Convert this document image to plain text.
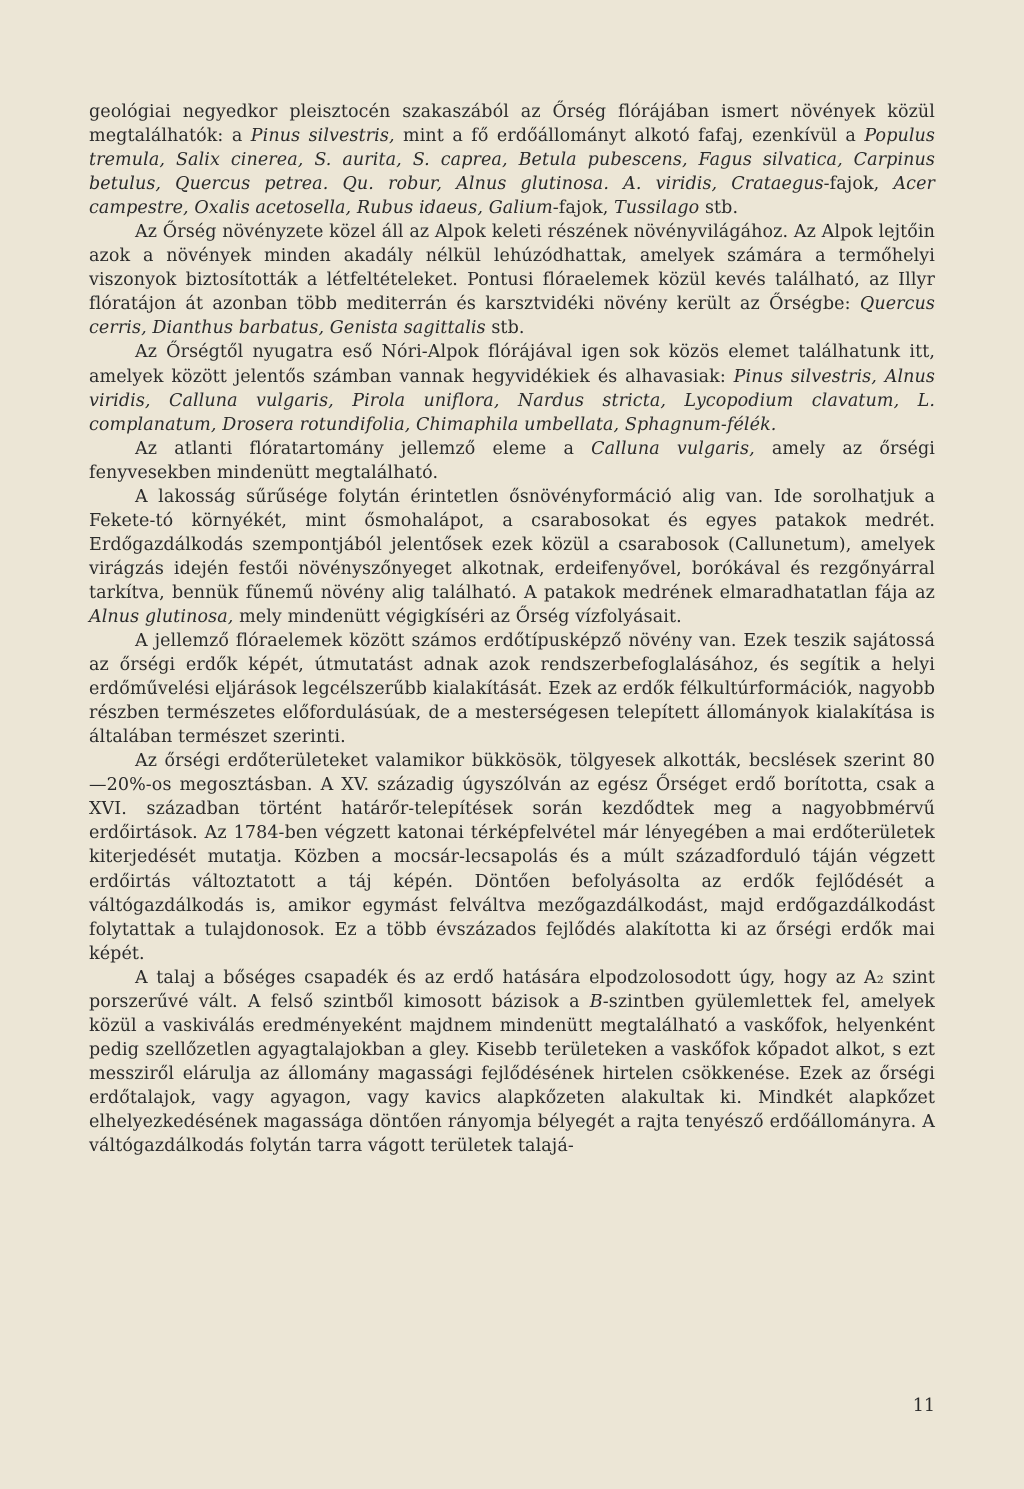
geológiai negyedkor pleisztocén szakaszából az Őrség flórájában ismert növények közül megtalálhatók: a Pinus silvestris, mint a fő erdőállományt alkotó fafaj, ezenkívül a Populus tremula, Salix cinerea, S. aurita, S. caprea, Betula pubescens, Fagus silvatica, Carpinus betulus, Quercus petrea. Qu. robur, Alnus glutinosa. A. viridis, Crataegus-fajok, Acer campestre, Oxalis acetosella, Rubus idaeus, Galium-fajok, Tussilago stb.

Az Őrség növényzete közel áll az Alpok keleti részének növényvilágához. Az Alpok lejtőin azok a növények minden akadály nélkül lehúzódhattak, amelyek számára a termőhelyi viszonyok biztosították a létfeltételeket. Pontusi flóraelemek közül kevés található, az Illyr flóratájon át azonban több mediterrán és karsztvidéki növény került az Őrségbe: Quercus cerris, Dianthus barbatus, Genista sagittalis stb.

Az Őrségtől nyugatra eső Nóri-Alpok flórájával igen sok közös elemet találhatunk itt, amelyek között jelentős számban vannak hegyvidékiek és alhavasiak: Pinus silvestris, Alnus viridis, Calluna vulgaris, Pirola uniflora, Nardus stricta, Lycopodium clavatum, L. complanatum, Drosera rotundifolia, Chimaphila umbellata, Sphagnum-félék.

Az atlanti flóratartomány jellemző eleme a Calluna vulgaris, amely az őrségi fenyvesekben mindenütt megtalálható.

A lakosság sűrűsége folytán érintetlen ősnövényformáció alig van. Ide sorolhatjuk a Fekete-tó környékét, mint ősmohalápot, a csarabosokat és egyes patakok medrét. Erdőgazdálkodás szempontjából jelentősek ezek közül a csarabosok (Callunetum), amelyek virágzás idején festői növényszőnyeget alkotnak, erdeifenyővel, borókával és rezgőnyárral tarkítva, bennük fűnemű növény alig található. A patakok medrének elmaradhatatlan fája az Alnus glutinosa, mely mindenütt végigkíséri az Őrség vízfolyásait.

A jellemző flóraelemek között számos erdőtípusképző növény van. Ezek teszik sajátossá az őrségi erdők képét, útmutatást adnak azok rendszerbefoglalásához, és segítik a helyi erdőművelési eljárások legcélszerűbb kialakítását. Ezek az erdők félkultúrformációk, nagyobb részben természetes előfordulásúak, de a mesterségesen telepített állományok kialakítása is általában természet szerinti.

Az őrségi erdőterületeket valamikor bükkösök, tölgyesek alkották, becslések szerint 80—20%-os megosztásban. A XV. századig úgyszólván az egész Őrséget erdő borította, csak a XVI. században történt határőr-telepítések során kezdődtek meg a nagyobbmérvű erdőirtások. Az 1784-ben végzett katonai térképfelvétel már lényegében a mai erdőterületek kiterjedését mutatja. Közben a mocsár-lecsapolás és a múlt századforduló táján végzett erdőirtás változtatott a táj képén. Döntően befolyásolta az erdők fejlődését a váltógazdálkodás is, amikor egymást felváltva mezőgazdálkodást, majd erdőgazdálkodást folytattak a tulajdonosok. Ez a több évszázados fejlődés alakította ki az őrségi erdők mai képét.

A talaj a bőséges csapadék és az erdő hatására elpodzolosodott úgy, hogy az A₂ szint porszerűvé vált. A felső szintből kimosott bázisok a B-szintben gyülemlettek fel, amelyek közül a vaskiválás eredményeként majdnem mindenütt megtalálható a vaskőfok, helyenként pedig szellőzetlen agyagtalajokban a gley. Kisebb területeken a vaskőfok kőpadot alkot, s ezt messziről elárulja az állomány magassági fejlődésének hirtelen csökkenése. Ezek az őrségi erdőtalajok, vagy agyagon, vagy kavics alapkőzeten alakultak ki. Mindkét alapkőzet elhelyezkedésének magassága döntően rányomja bélyegét a rajta tenyésző erdőállományra. A váltógazdálkodás folytán tarra vágott területek talajá-

11
